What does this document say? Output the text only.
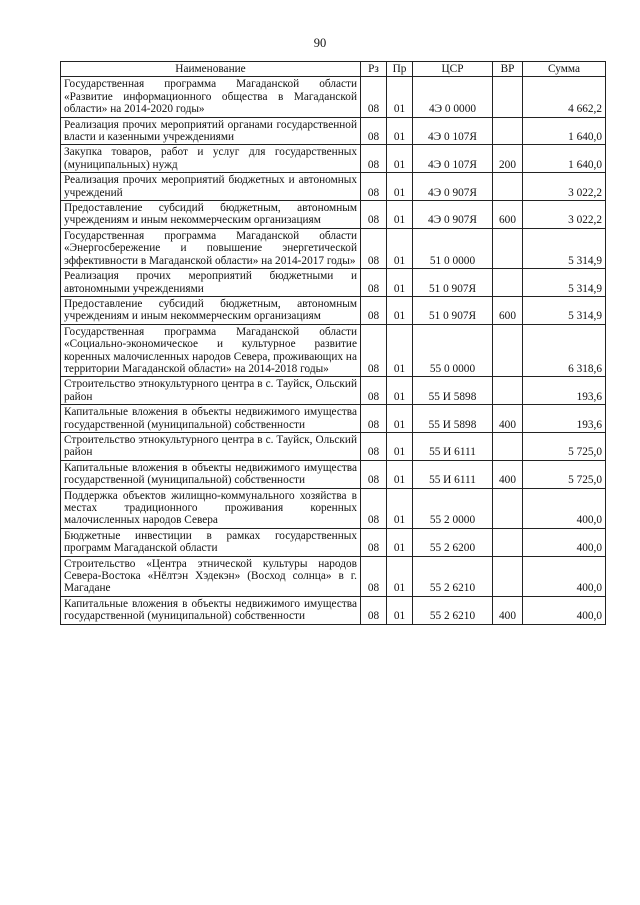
90
Наименование	Рз	Пр	ЦСР	ВР	Сумма
Государственная программа Магаданской области «Развитие информационного общества в Магаданской области» на 2014-2020 годы»	08	01	4Э 0 0000		4 662,2
Реализация прочих мероприятий органами государственной власти и казенными учреждениями	08	01	4Э 0 107Я		1 640,0
Закупка товаров, работ и услуг для государственных (муниципальных) нужд	08	01	4Э 0 107Я	200	1 640,0
Реализация прочих мероприятий бюджетных и автономных учреждений	08	01	4Э 0 907Я		3 022,2
Предоставление субсидий бюджетным, автономным учреждениям и иным некоммерческим организациям	08	01	4Э 0 907Я	600	3 022,2
Государственная программа Магаданской области «Энергосбережение и повышение энергетической эффективности в Магаданской области» на 2014-2017 годы»	08	01	51 0 0000		5 314,9
Реализация прочих мероприятий бюджетными и автономными учреждениями	08	01	51 0 907Я		5 314,9
Предоставление субсидий бюджетным, автономным учреждениям и иным некоммерческим организациям	08	01	51 0 907Я	600	5 314,9
Государственная программа Магаданской области «Социально-экономическое и культурное развитие коренных малочисленных народов Севера, проживающих на территории Магаданской области» на 2014-2018 годы»	08	01	55 0 0000		6 318,6
Строительство этнокультурного центра в с. Тауйск, Ольский район	08	01	55 И 5898		193,6
Капитальные вложения в объекты недвижимого имущества государственной (муниципальной) собственности	08	01	55 И 5898	400	193,6
Строительство этнокультурного центра в с. Тауйск, Ольский район	08	01	55 И 6111		5 725,0
Капитальные вложения в объекты недвижимого имущества государственной (муниципальной) собственности	08	01	55 И 6111	400	5 725,0
Поддержка объектов жилищно-коммунального хозяйства в местах традиционного проживания коренных малочисленных народов Севера	08	01	55 2 0000		400,0
Бюджетные инвестиции в рамках государственных программ Магаданской области	08	01	55 2 6200		400,0
Строительство «Центра этнической культуры народов Севера-Востока «Нёлтэн Хэдекэн» (Восход солнца» в г. Магадане	08	01	55 2 6210		400,0
Капитальные вложения в объекты недвижимого имущества государственной (муниципальной) собственности	08	01	55 2 6210	400	400,0
